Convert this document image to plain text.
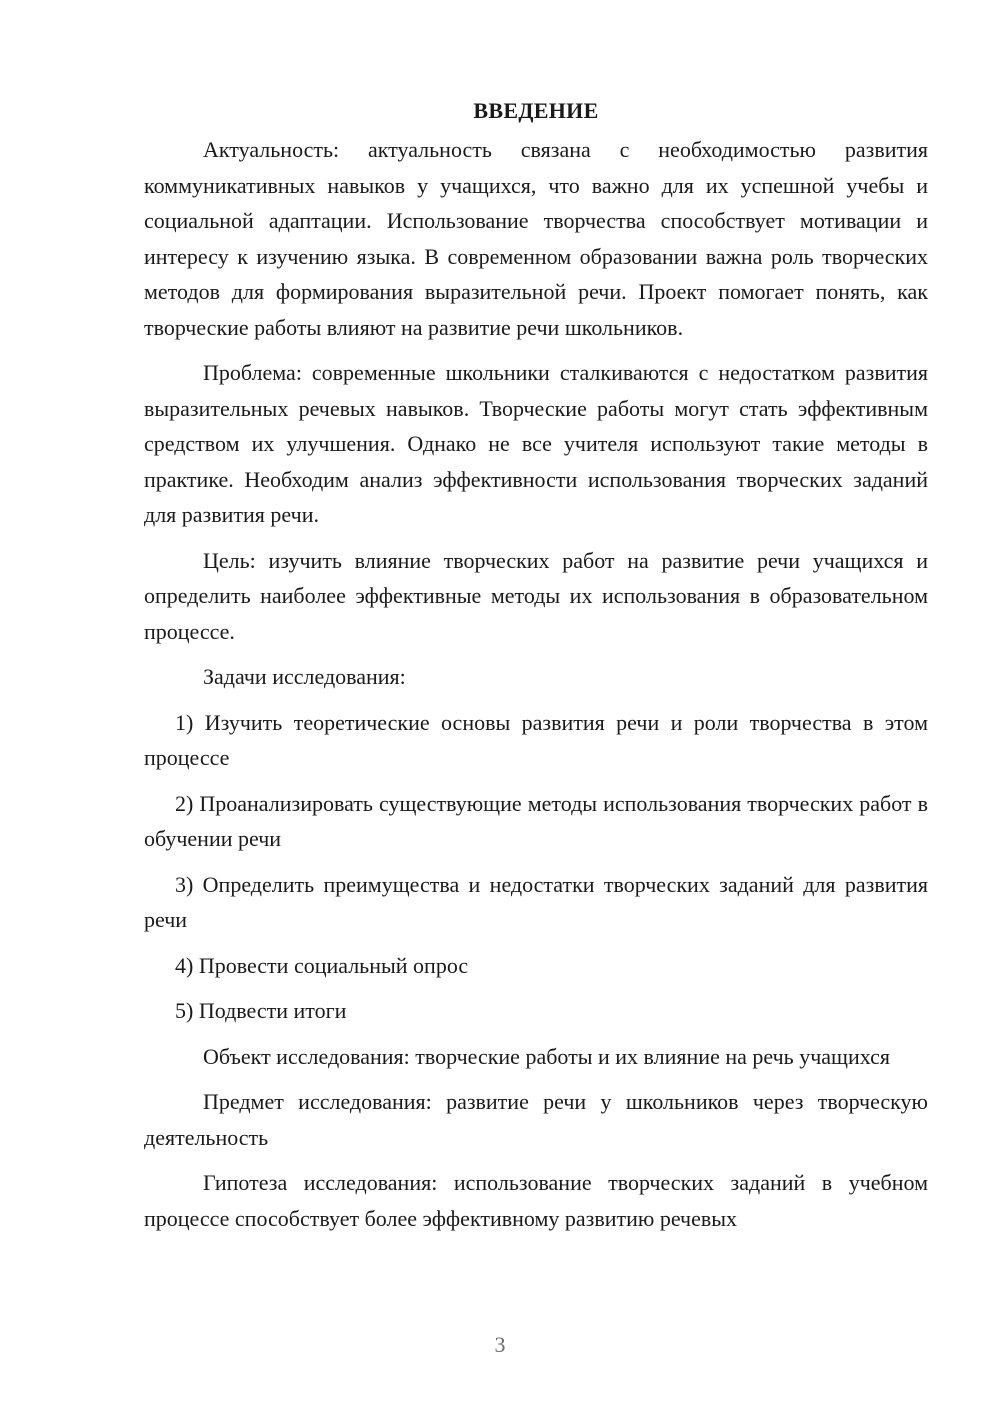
ВВЕДЕНИЕ

Актуальность: актуальность связана с необходимостью развития коммуникативных навыков у учащихся, что важно для их успешной учебы и социальной адаптации. Использование творчества способствует мотивации и интересу к изучению языка. В современном образовании важна роль творческих методов для формирования выразительной речи. Проект помогает понять, как творческие работы влияют на развитие речи школьников.

Проблема: современные школьники сталкиваются с недостатком развития выразительных речевых навыков. Творческие работы могут стать эффективным средством их улучшения. Однако не все учителя используют такие методы в практике. Необходим анализ эффективности использования творческих заданий для развития речи.

Цель: изучить влияние творческих работ на развитие речи учащихся и определить наиболее эффективные методы их использования в образовательном процессе.

Задачи исследования:

1) Изучить теоретические основы развития речи и роли творчества в этом процессе

2) Проанализировать существующие методы использования творческих работ в обучении речи

3) Определить преимущества и недостатки творческих заданий для развития речи

4) Провести социальный опрос

5) Подвести итоги

Объект исследования: творческие работы и их влияние на речь учащихся

Предмет исследования: развитие речи у школьников через творческую деятельность

Гипотеза исследования: использование творческих заданий в учебном процессе способствует более эффективному развитию речевых

3
